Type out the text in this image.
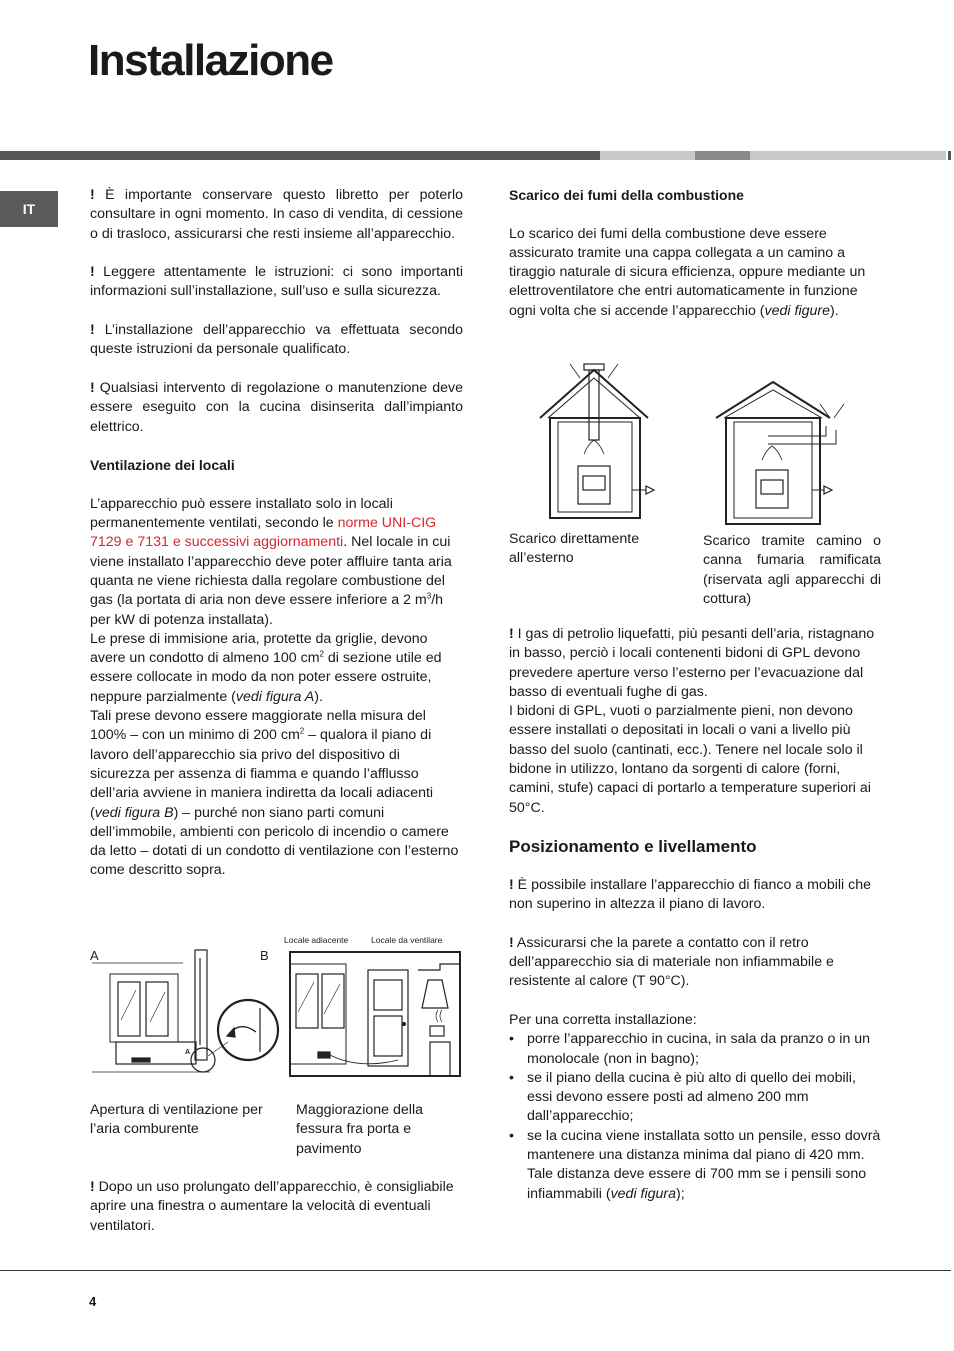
Installazione
IT

! È importante conservare questo libretto per poterlo consultare in ogni momento. In caso di vendita, di cessione o di trasloco, assicurarsi che resti insieme all’apparecchio.

! Leggere attentamente le istruzioni: ci sono importanti informazioni sull’installazione, sull’uso e sulla sicurezza.

! L’installazione dell’apparecchio va effettuata secondo queste istruzioni da personale qualificato.

! Qualsiasi intervento di regolazione o manutenzione deve essere eseguito con la cucina disinserita dall’impianto elettrico.

Ventilazione dei locali

L’apparecchio può essere installato solo in locali permanentemente ventilati, secondo le norme UNI-CIG 7129 e 7131 e successivi aggiornamenti. Nel locale in cui viene installato l’apparecchio deve poter affluire tanta aria quanta ne viene richiesta dalla regolare combustione del gas (la portata di aria non deve essere inferiore a 2 $m^3/h$ per kW di potenza installata).

Le prese di immisione aria, protette da griglie, devono avere un condotto di almeno 100 $cm^2$ di sezione utile ed essere collocate in modo da non poter essere ostruite, neppure parzialmente (vedi figura A).

Tali prese devono essere maggiorate nella misura del 100% – con un minimo di 200 $cm^2$ – qualora il piano di lavoro dell’apparecchio sia privo del dispositivo di sicurezza per assenza di fiamma e quando l’afflusso dell’aria avviene in maniera indiretta da locali adiacenti (vedi figura B) – purché non siano parti comuni dell’immobile, ambienti con pericolo di incendio o camere da letto – dotati di un condotto di ventilazione con l’esterno come descritto sopra.

A	B
A
Locale adiacente	Locale da ventilare
Apertura di ventilazione per l’aria comburente
Maggiorazione della fessura fra porta e pavimento
! Dopo un uso prolungato dell’apparecchio, è consigliabile aprire una finestra o aumentare la velocità di eventuali ventilatori.
Scarico dei fumi della combustione

Lo scarico dei fumi della combustione deve essere assicurato tramite una cappa collegata a un camino a tiraggio naturale di sicura efficienza, oppure mediante un elettroventilatore che entri automaticamente in funzione ogni volta che si accende l’apparecchio (vedi figure).

Scarico direttamente all’esterno
Scarico tramite camino o canna fumaria ramificata (riservata agli apparecchi di cottura)

! I gas di petrolio liquefatti, più pesanti dell’aria, ristagnano in basso, perciò i locali contenenti bidoni di GPL devono prevedere aperture verso l’esterno per l’evacuazione dal basso di eventuali fughe di gas.

I bidoni di GPL, vuoti o parzialmente pieni, non devono essere installati o depositati in locali o vani a livello più basso del suolo (cantinati, ecc.). Tenere nel locale solo il bidone in utilizzo, lontano da sorgenti di calore (forni, camini, stufe) capaci di portarlo a temperature superiori ai 50°C.

Posizionamento e livellamento

! È possibile installare l’apparecchio di fianco a mobili che non superino in altezza il piano di lavoro.

! Assicurarsi che la parete a contatto con il retro dell’apparecchio sia di materiale non infiammabile e resistente al calore (T 90°C).

Per una corretta installazione:

• porre l’apparecchio in cucina, in sala da pranzo o in un monolocale (non in bagno);
• se il piano della cucina è più alto di quello dei mobili, essi devono essere posti ad almeno 200 mm dall’apparecchio;
• se la cucina viene installata sotto un pensile, esso dovrà mantenere una distanza minima dal piano di 420 mm.

Tale distanza deve essere di 700 mm se i pensili sono infiammabili (vedi figura);

4
